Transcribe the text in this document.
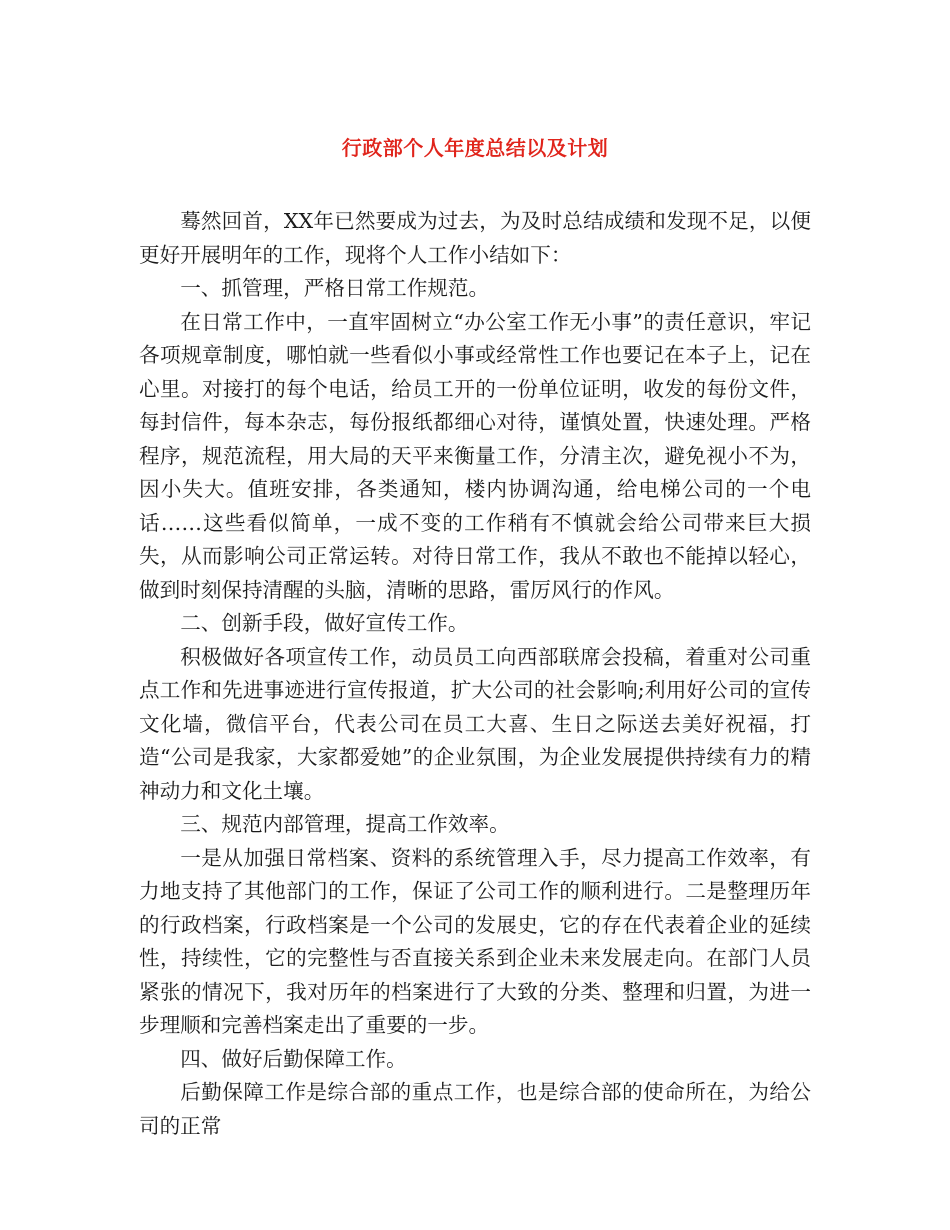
行政部个人年度总结以及计划

蓦然回首，XX年已然要成为过去，为及时总结成绩和发现不足，以便更好开展明年的工作，现将个人工作小结如下：

一、抓管理，严格日常工作规范。

在日常工作中，一直牢固树立“办公室工作无小事”的责任意识，牢记各项规章制度，哪怕就一些看似小事或经常性工作也要记在本子上，记在心里。对接打的每个电话，给员工开的一份单位证明，收发的每份文件，每封信件，每本杂志，每份报纸都细心对待，谨慎处置，快速处理。严格程序，规范流程，用大局的天平来衡量工作，分清主次，避免视小不为，因小失大。值班安排，各类通知，楼内协调沟通，给电梯公司的一个电话……这些看似简单，一成不变的工作稍有不慎就会给公司带来巨大损失，从而影响公司正常运转。对待日常工作，我从不敢也不能掉以轻心，做到时刻保持清醒的头脑，清晰的思路，雷厉风行的作风。

二、创新手段，做好宣传工作。

积极做好各项宣传工作，动员员工向西部联席会投稿，着重对公司重点工作和先进事迹进行宣传报道，扩大公司的社会影响;利用好公司的宣传文化墙，微信平台，代表公司在员工大喜、生日之际送去美好祝福，打造“公司是我家，大家都爱她”的企业氛围，为企业发展提供持续有力的精神动力和文化土壤。

三、规范内部管理，提高工作效率。

一是从加强日常档案、资料的系统管理入手，尽力提高工作效率，有力地支持了其他部门的工作，保证了公司工作的顺利进行。二是整理历年的行政档案，行政档案是一个公司的发展史，它的存在代表着企业的延续性，持续性，它的完整性与否直接关系到企业未来发展走向。在部门人员紧张的情况下，我对历年的档案进行了大致的分类、整理和归置，为进一步理顺和完善档案走出了重要的一步。

四、做好后勤保障工作。

后勤保障工作是综合部的重点工作，也是综合部的使命所在，为给公司的正常
